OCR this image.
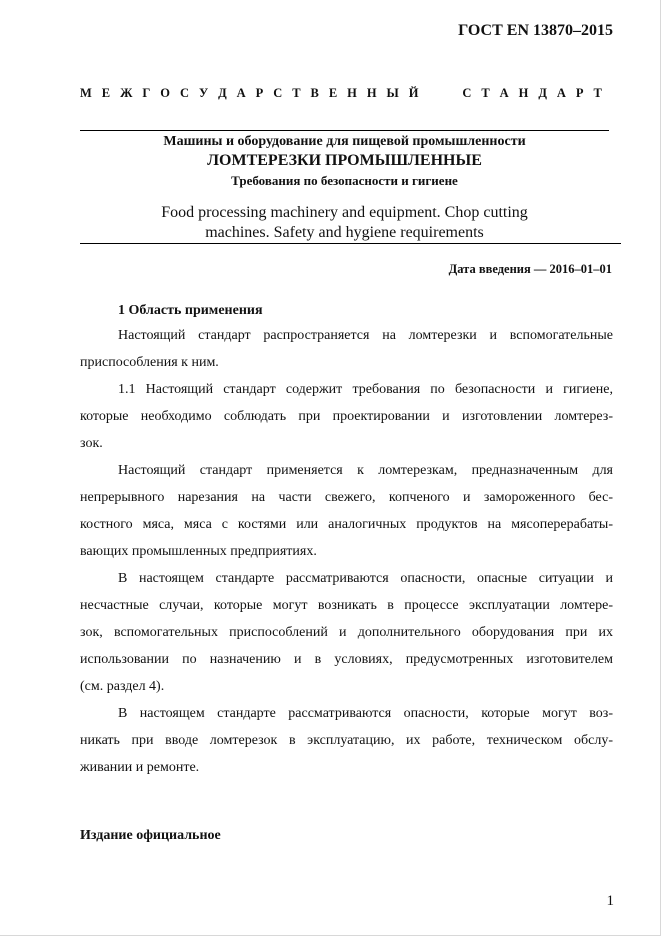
ГОСТ EN 13870–2015
М Е Ж Г О С У Д А Р С Т В Е Н Н Ы Й	С Т А Н Д А Р Т
Машины и оборудование для пищевой промышленности
ЛОМТЕРЕЗКИ ПРОМЫШЛЕННЫЕ
Требования по безопасности и гигиене
Food processing machinery and equipment. Chop cutting
machines. Safety and hygiene requirements
Дата введения — 2016–01–01
1 Область применения
Настоящий стандарт распространяется на ломтерезки и вспомогательные
приспособления к ним.
1.1 Настоящий стандарт содержит требования по безопасности и гигиене,
которые необходимо соблюдать при проектировании и изготовлении ломтерез-
зок.
Настоящий стандарт применяется к ломтерезкам, предназначенным для
непрерывного нарезания на части свежего, копченого и замороженного бес-
костного мяса, мяса с костями или аналогичных продуктов на мясоперерабаты-
вающих промышленных предприятиях.
В настоящем стандарте рассматриваются опасности, опасные ситуации и
несчастные случаи, которые могут возникать в процессе эксплуатации ломтере-
зок, вспомогательных приспособлений и дополнительного оборудования при их
использовании по назначению и в условиях, предусмотренных изготовителем
(см. раздел 4).
В настоящем стандарте рассматриваются опасности, которые могут воз-
никать при вводе ломтерезок в эксплуатацию, их работе, техническом обслу-
живании и ремонте.
Издание официальное
1
